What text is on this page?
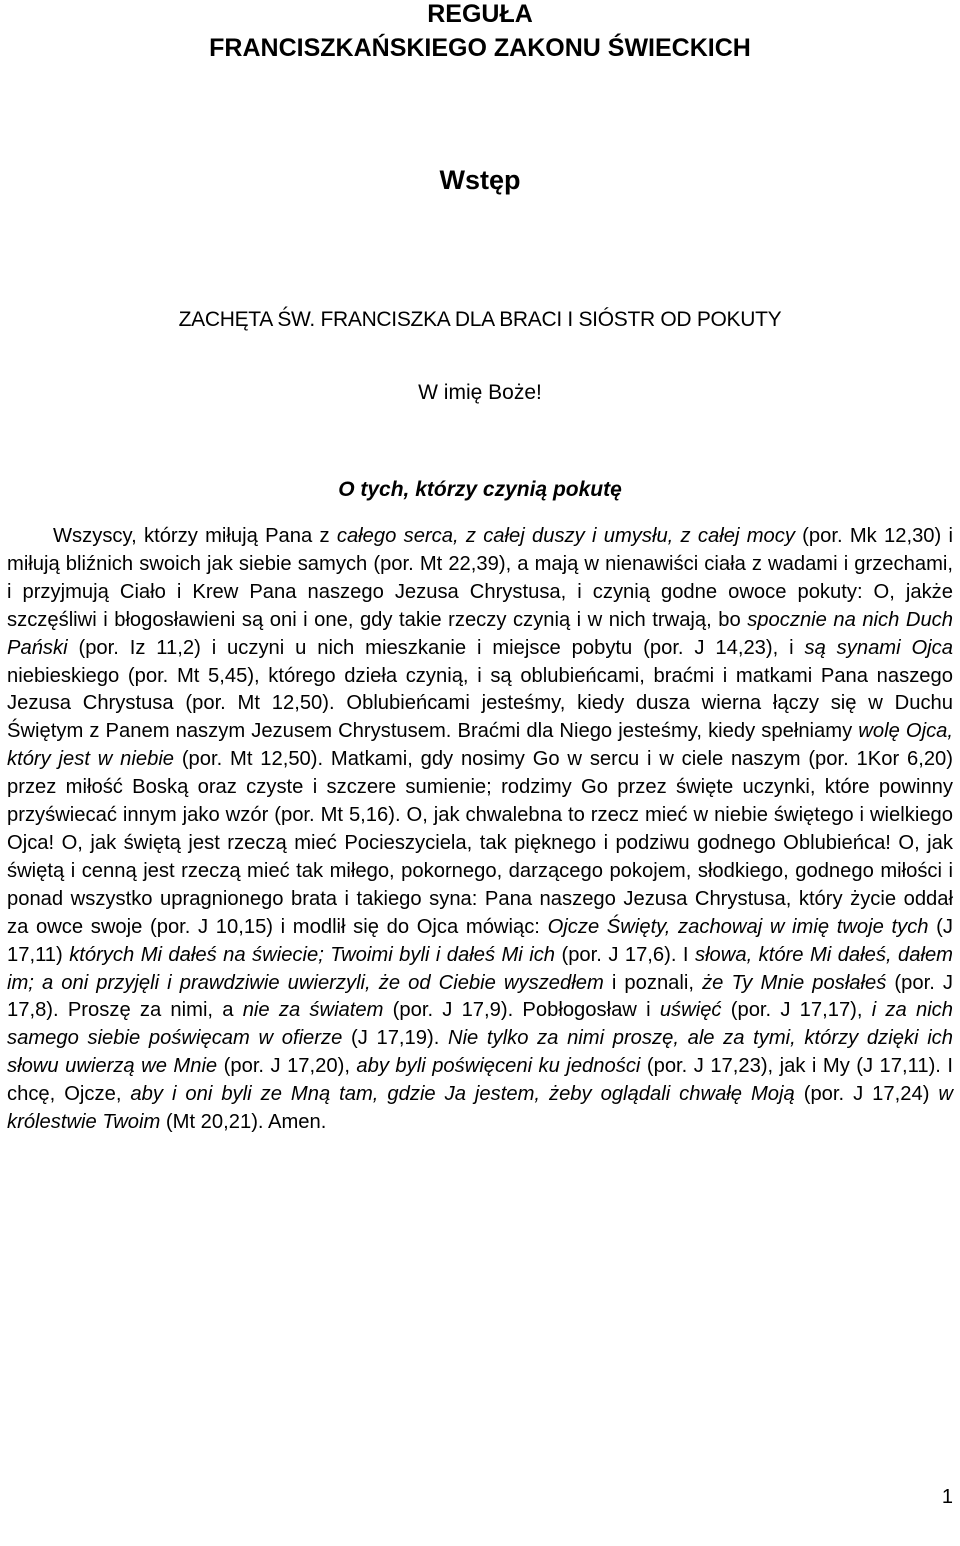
REGUŁA
FRANCISZKAŃSKIEGO ZAKONU ŚWIECKICH
Wstęp
ZACHĘTA ŚW. FRANCISZKA DLA BRACI I SIÓSTR OD POKUTY
W imię Boże!
O tych, którzy czynią pokutę

Wszyscy, którzy miłują Pana z całego serca, z całej duszy i umysłu, z całej mocy (por. Mk 12,30) i miłują bliźnich swoich jak siebie samych (por. Mt 22,39), a mają w nienawiści ciała z wadami i grzechami, i przyjmują Ciało i Krew Pana naszego Jezusa Chrystusa, i czynią godne owoce pokuty: O, jakże szczęśliwi i błogosławieni są oni i one, gdy takie rzeczy czynią i w nich trwają, bo spocznie na nich Duch Pański (por. Iz 11,2) i uczyni u nich mieszkanie i miejsce pobytu (por. J 14,23), i są synami Ojca niebieskiego (por. Mt 5,45), którego dzieła czynią, i są oblubieńcami, braćmi i matkami Pana naszego Jezusa Chrystusa (por. Mt 12,50). Oblubieńcami jesteśmy, kiedy dusza wierna łączy się w Duchu Świętym z Panem naszym Jezusem Chrystusem. Braćmi dla Niego jesteśmy, kiedy spełniamy wolę Ojca, który jest w niebie (por. Mt 12,50). Matkami, gdy nosimy Go w sercu i w ciele naszym (por. 1Kor 6,20) przez miłość Boską oraz czyste i szczere sumienie; rodzimy Go przez święte uczynki, które powinny przyświecać innym jako wzór (por. Mt 5,16). O, jak chwalebna to rzecz mieć w niebie świętego i wielkiego Ojca! O, jak świętą jest rzeczą mieć Pocieszyciela, tak pięknego i podziwu godnego Oblubieńca! O, jak świętą i cenną jest rzeczą mieć tak miłego, pokornego, darzącego pokojem, słodkiego, godnego miłości i ponad wszystko upragnionego brata i takiego syna: Pana naszego Jezusa Chrystusa, który życie oddał za owce swoje (por. J 10,15) i modlił się do Ojca mówiąc: Ojcze Święty, zachowaj w imię twoje tych (J 17,11) których Mi dałeś na świecie; Twoimi byli i dałeś Mi ich (por. J 17,6). I słowa, które Mi dałeś, dałem im; a oni przyjęli i prawdziwie uwierzyli, że od Ciebie wyszedłem i poznali, że Ty Mnie posłałeś (por. J 17,8). Proszę za nimi, a nie za światem (por. J 17,9). Pobłogosław i uświęć (por. J 17,17), i za nich samego siebie poświęcam w ofierze (J 17,19). Nie tylko za nimi proszę, ale za tymi, którzy dzięki ich słowu uwierzą we Mnie (por. J 17,20), aby byli poświęceni ku jedności (por. J 17,23), jak i My (J 17,11). I chcę, Ojcze, aby i oni byli ze Mną tam, gdzie Ja jestem, żeby oglądali chwałę Moją (por. J 17,24) w królestwie Twoim (Mt 20,21). Amen.

1
